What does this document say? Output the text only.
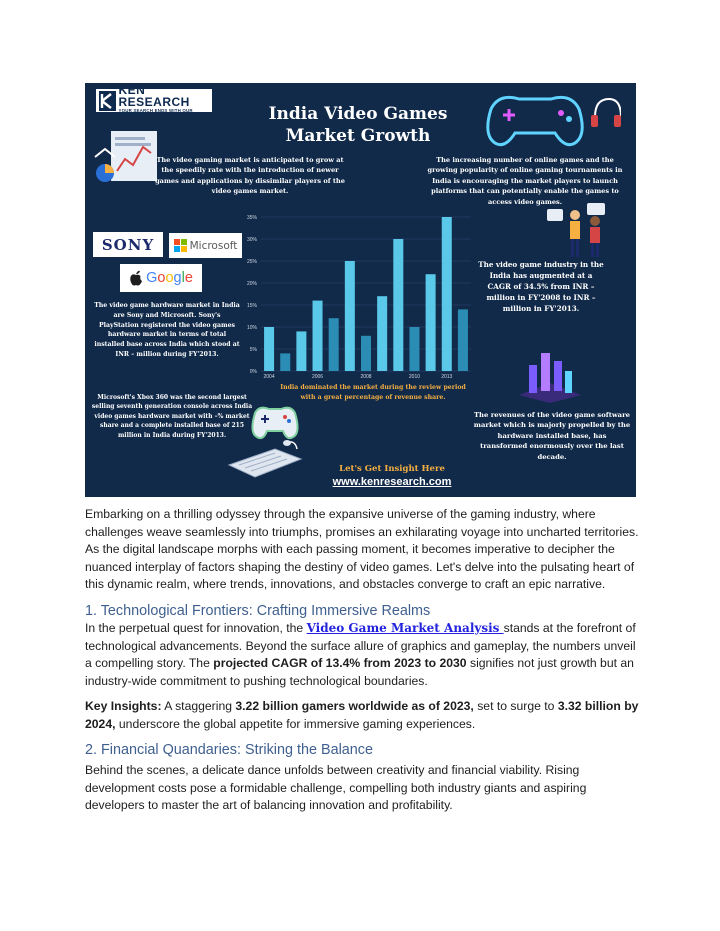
KEN RESEARCH
YOUR SEARCH ENDS WITH OUR RESEARCH	India Video Games
Market Growth
The video gaming market is anticipated to grow at the speedily rate with the introduction of newer games and applications by dissimilar players of the video games market.
The increasing number of online games and the growing popularity of online gaming tournaments in India is encouraging the market players to launch platforms that can potentially enable the games to access video games.
SONY	Microsoft
Google
The video game hardware market in India are Sony and Microsoft. Sony's PlayStation registered the video games hardware market in terms of total installed base across India which stood at INR – million during FY'2013.
0%
5%
10%
15%
20%
25%
30%
35%
2004	2006	2008	2010	2013
The video game industry in the India has augmented at a CAGR of 34.5% from INR – million in FY'2008 to INR – million in FY'2013.
India dominated the market during the review period with a great percentage of revenue share.
Microsoft's Xbox 360 was the second largest selling seventh generation console across India video games hardware market with –% market share and a complete installed base of 215 million in India during FY'2013.
The revenues of the video game software market which is majorly propelled by the hardware installed base, has transformed enormously over the last decade.
Let's Get Insight Here
www.kenresearch.com
Embarking on a thrilling odyssey through the expansive universe of the gaming industry, where challenges weave seamlessly into triumphs, promises an exhilarating voyage into uncharted territories. As the digital landscape morphs with each passing moment, it becomes imperative to decipher the nuanced interplay of factors shaping the destiny of video games. Let's delve into the pulsating heart of this dynamic realm, where trends, innovations, and obstacles converge to craft an epic narrative.
1. Technological Frontiers: Crafting Immersive Realms
In the perpetual quest for innovation, the Video Game Market Analysis stands at the forefront of technological advancements. Beyond the surface allure of graphics and gameplay, the numbers unveil a compelling story. The projected CAGR of 13.4% from 2023 to 2030 signifies not just growth but an industry-wide commitment to pushing technological boundaries.
Key Insights: A staggering 3.22 billion gamers worldwide as of 2023, set to surge to 3.32 billion by 2024, underscore the global appetite for immersive gaming experiences.
2. Financial Quandaries: Striking the Balance
Behind the scenes, a delicate dance unfolds between creativity and financial viability. Rising development costs pose a formidable challenge, compelling both industry giants and aspiring developers to master the art of balancing innovation and profitability.
